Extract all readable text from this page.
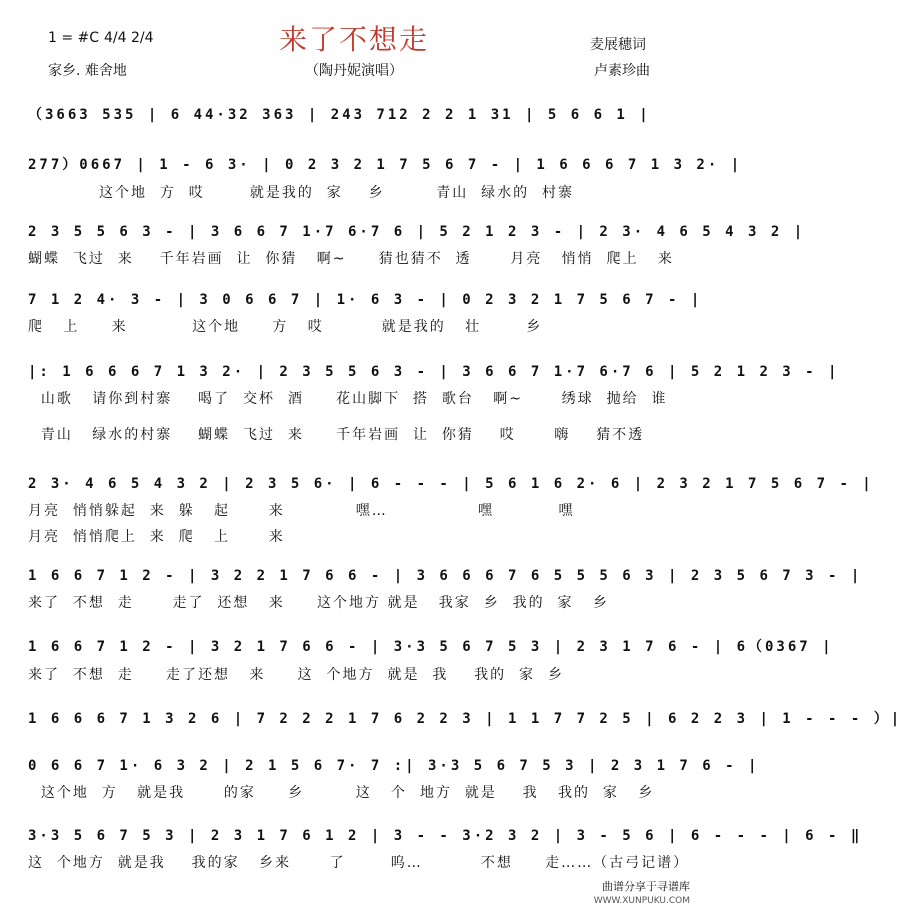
1 = #C 4/4 2/4	来了不想走	麦展穗词
家乡. 难舍地	（陶丹妮演唱）	卢素珍曲
（3663 535 | 6 44·32 363 | 243 712 2 2 1 31 | 5 6 6 1 |
277）0667 | 1 - 6 3· | 0 2 3 2 1 7 5 6 7 - | 1 6 6 6 7 1 3 2· |
这个地  方  哎       就是我的  家    乡        青山  绿水的  村寨
2 3 5 5 6 3 - | 3 6 6 7 1·7 6·7 6 | 5 2 1 2 3 - | 2 3· 4 6 5 4 3 2 |
蝴蝶  飞过  来    千年岩画  让  你猜   啊~     猜也猜不  透      月亮   悄悄  爬上   来
7 1 2 4· 3 - | 3 0 6 6 7 | 1· 6 3 - | 0 2 3 2 1 7 5 6 7 - |
爬   上     来          这个地     方   哎         就是我的   壮       乡
|: 1 6 6 6 7 1 3 2· | 2 3 5 5 6 3 - | 3 6 6 7 1·7 6·7 6 | 5 2 1 2 3 - |
山歌   请你到村寨    喝了  交杯  酒     花山脚下  搭  歌台   啊~      绣球  抛给  谁
青山   绿水的村寨    蝴蝶  飞过  来     千年岩画  让  你猜    哎      嗨    猜不透
2 3· 4 6 5 4 3 2 | 2 3 5 6· | 6 - - - | 5 6 1 6 2· 6 | 2 3 2 1 7 5 6 7 - |
月亮  悄悄躲起  来  躲   起      来           嘿…              嘿          嘿
月亮  悄悄爬上  来  爬   上      来
1 6 6 7 1 2 - | 3 2 2 1 7 6 6 - | 3 6 6 6 7 6 5 5 5 6 3 | 2 3 5 6 7 3 - |
来了  不想  走      走了  还想   来     这个地方 就是   我家  乡  我的  家   乡
1 6 6 7 1 2 - | 3 2 1 7 6 6 - | 3·3 5 6 7 5 3 | 2 3 1 7 6 - | 6（0367 |
来了  不想  走     走了还想   来     这  个地方  就是  我    我的  家  乡
1 6 6 6 7 1 3 2 6 | 7 2 2 2 1 7 6 2 2 3 | 1 1 7 7 2 5 | 6 2 2 3 | 1 - - - ）|
0 6 6 7 1· 6 3 2 | 2 1 5 6 7· 7 :| 3·3 5 6 7 5 3 | 2 3 1 7 6 - |
这个地  方   就是我      的家     乡        这   个  地方  就是    我   我的  家   乡
3·3 5 6 7 5 3 | 2 3 1 7 6 1 2 | 3 - - 3·2 3 2 | 3 - 5 6 | 6 - - - | 6 - ‖
这  个地方  就是我    我的家   乡来      了       呜…         不想     走……（古弓记谱）
曲谱分享于寻谱库
WWW.XUNPUKU.COM
